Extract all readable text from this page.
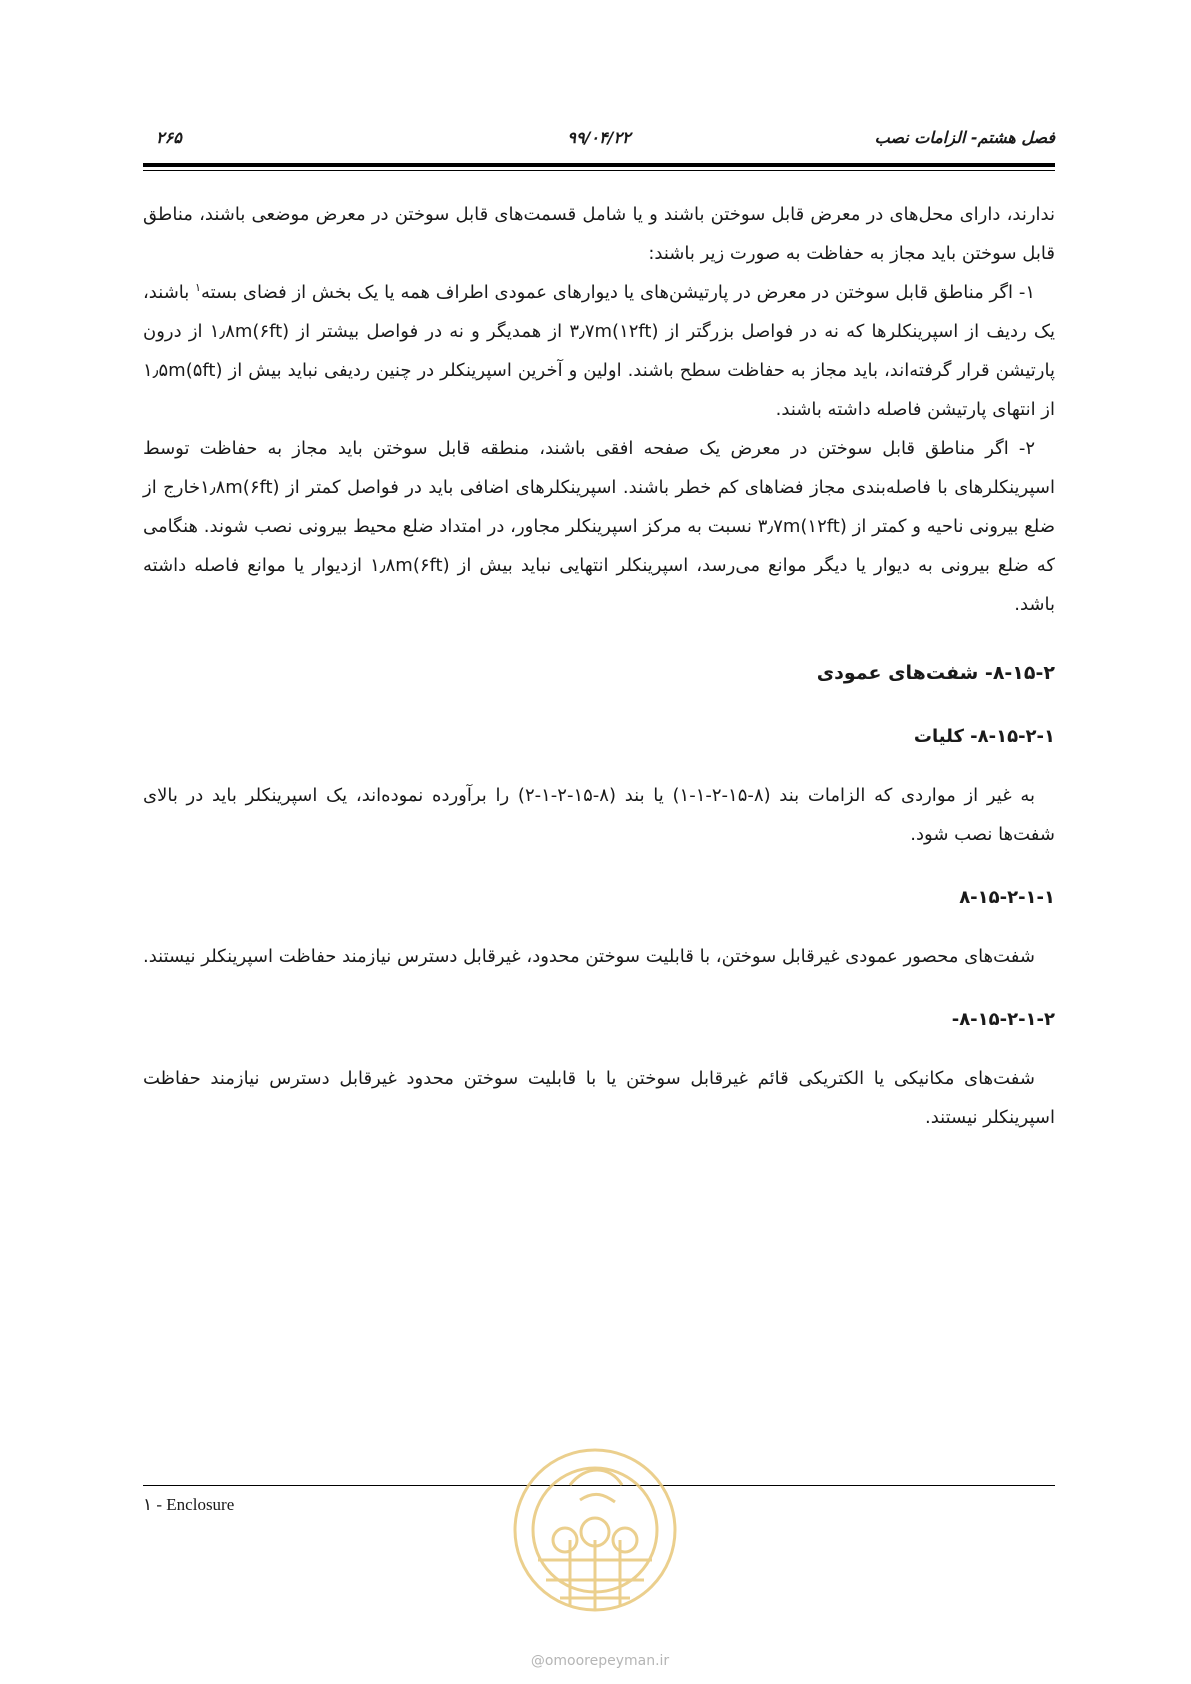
فصل هشتم- الزامات نصب
۹۹/۰۴/۲۲
۲۶۵

ندارند، دارای محل‌های در معرض قابل سوختن باشند و یا شامل قسمت‌های قابل سوختن در معرض موضعی باشند، مناطق قابل سوختن باید مجاز به حفاظت به صورت زیر باشند:

۱- اگر مناطق قابل سوختن در معرض در پارتیشن‌های یا دیوارهای عمودی اطراف همه یا یک بخش از فضای بسته$^۱$ باشند، یک ردیف از اسپرینکلرها که نه در فواصل بزرگتر از ۳٫۷m(۱۲ft) از همدیگر و نه در فواصل بیشتر از ۱٫۸m(۶ft) از درون پارتیشن قرار گرفته‌اند، باید مجاز به حفاظت سطح باشند. اولین و آخرین اسپرینکلر در چنین ردیفی نباید بیش از ۱٫۵m(۵ft) از انتهای پارتیشن فاصله داشته باشند.

۲- اگر مناطق قابل سوختن در معرض یک صفحه افقی باشند، منطقه قابل سوختن باید مجاز به حفاظت توسط اسپرینکلرهای با فاصله‌بندی مجاز فضاهای کم خطر باشند. اسپرینکلرهای اضافی باید در فواصل کمتر از ۱٫۸m(۶ft)خارج از ضلع بیرونی ناحیه و کمتر از ۳٫۷m(۱۲ft) نسبت به مرکز اسپرینکلر مجاور، در امتداد ضلع محیط بیرونی نصب شوند. هنگامی که ضلع بیرونی به دیوار یا دیگر موانع می‌رسد، اسپرینکلر انتهایی نباید بیش از ۱٫۸m(۶ft) ازدیوار یا موانع فاصله داشته باشد.

۸-۱۵-۲- شفت‌های عمودی
۸-۱۵-۲-۱- کلیات

به غیر از مواردی که الزامات بند (۸-۱۵-۲-۱-۱) یا بند (۸-۱۵-۲-۱-۲) را برآورده نموده‌اند، یک اسپرینکلر باید در بالای شفت‌ها نصب شود.

۸-۱۵-۲-۱-۱

شفت‌های محصور عمودی غیرقابل سوختن، با قابلیت سوختن محدود، غیرقابل دسترس نیازمند حفاظت اسپرینکلر نیستند.

۸-۱۵-۲-۱-۲-

شفت‌های مکانیکی یا الکتریکی قائم غیرقابل سوختن یا با قابلیت سوختن محدود غیرقابل دسترس نیازمند حفاظت اسپرینکلر نیستند.

۱ - Enclosure
@omoorepeyman.ir
